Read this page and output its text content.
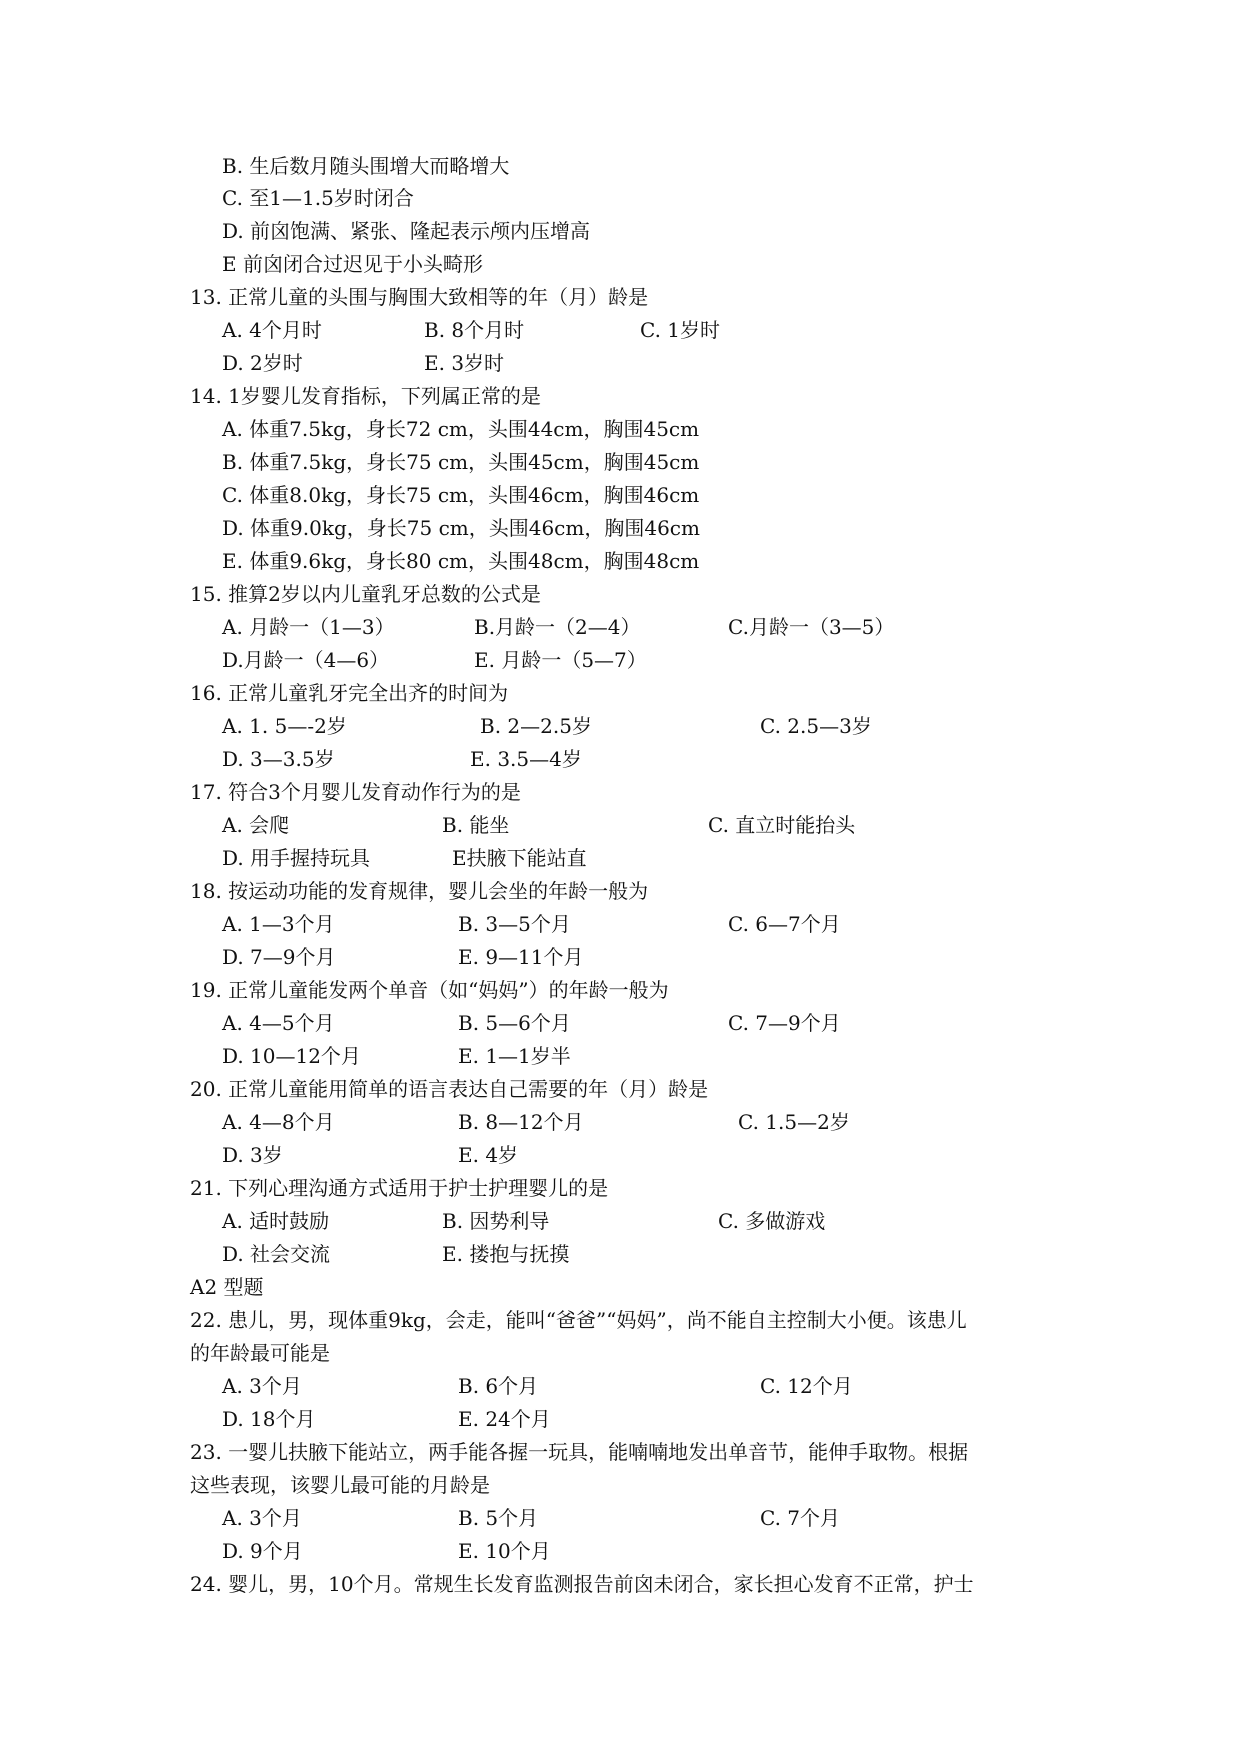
B. 生后数月随头围增大而略增大
C. 至1—1.5岁时闭合
D. 前囟饱满、紧张、隆起表示颅内压增高
E 前囟闭合过迟见于小头畸形
13. 正常儿童的头围与胸围大致相等的年（月）龄是
A. 4个月时	B. 8个月时	C. 1岁时
D. 2岁时	E. 3岁时
14. 1岁婴儿发育指标，下列属正常的是
A. 体重7.5kg，身长72 cm，头围44cm，胸围45cm
B. 体重7.5kg，身长75 cm，头围45cm，胸围45cm
C. 体重8.0kg，身长75 cm，头围46cm，胸围46cm
D. 体重9.0kg，身长75 cm，头围46cm，胸围46cm
E. 体重9.6kg，身长80 cm，头围48cm，胸围48cm
15. 推算2岁以内儿童乳牙总数的公式是
A. 月龄一（1—3）	B.月龄一（2—4）	C.月龄一（3—5）
D.月龄一（4—6）	E. 月龄一（5—7）
16. 正常儿童乳牙完全出齐的时间为
A. 1. 5—-2岁	B. 2—2.5岁	C. 2.5—3岁
D. 3—3.5岁	E. 3.5—4岁
17. 符合3个月婴儿发育动作行为的是
A. 会爬	B. 能坐	C. 直立时能抬头
D. 用手握持玩具	E扶腋下能站直
18. 按运动功能的发育规律，婴儿会坐的年龄一般为
A. 1—3个月	B. 3—5个月	C. 6—7个月
D. 7—9个月	E. 9—11个月
19. 正常儿童能发两个单音（如“妈妈”）的年龄一般为
A. 4—5个月	B. 5—6个月	C. 7—9个月
D. 10—12个月	E. 1—1岁半
20. 正常儿童能用简单的语言表达自己需要的年（月）龄是
A. 4—8个月	B. 8—12个月	C. 1.5—2岁
D. 3岁	E. 4岁
21. 下列心理沟通方式适用于护士护理婴儿的是
A. 适时鼓励	B. 因势利导	C. 多做游戏
D. 社会交流	E. 搂抱与抚摸
A2 型题
22. 患儿，男，现体重9kg，会走，能叫“爸爸”“妈妈”，尚不能自主控制大小便。该患儿
的年龄最可能是
A. 3个月	B. 6个月	C. 12个月
D. 18个月	E. 24个月
23. 一婴儿扶腋下能站立，两手能各握一玩具，能喃喃地发出单音节，能伸手取物。根据
这些表现，该婴儿最可能的月龄是
A. 3个月	B. 5个月	C. 7个月
D. 9个月	E. 10个月
24. 婴儿，男，10个月。常规生长发育监测报告前囟未闭合，家长担心发育不正常，护士
